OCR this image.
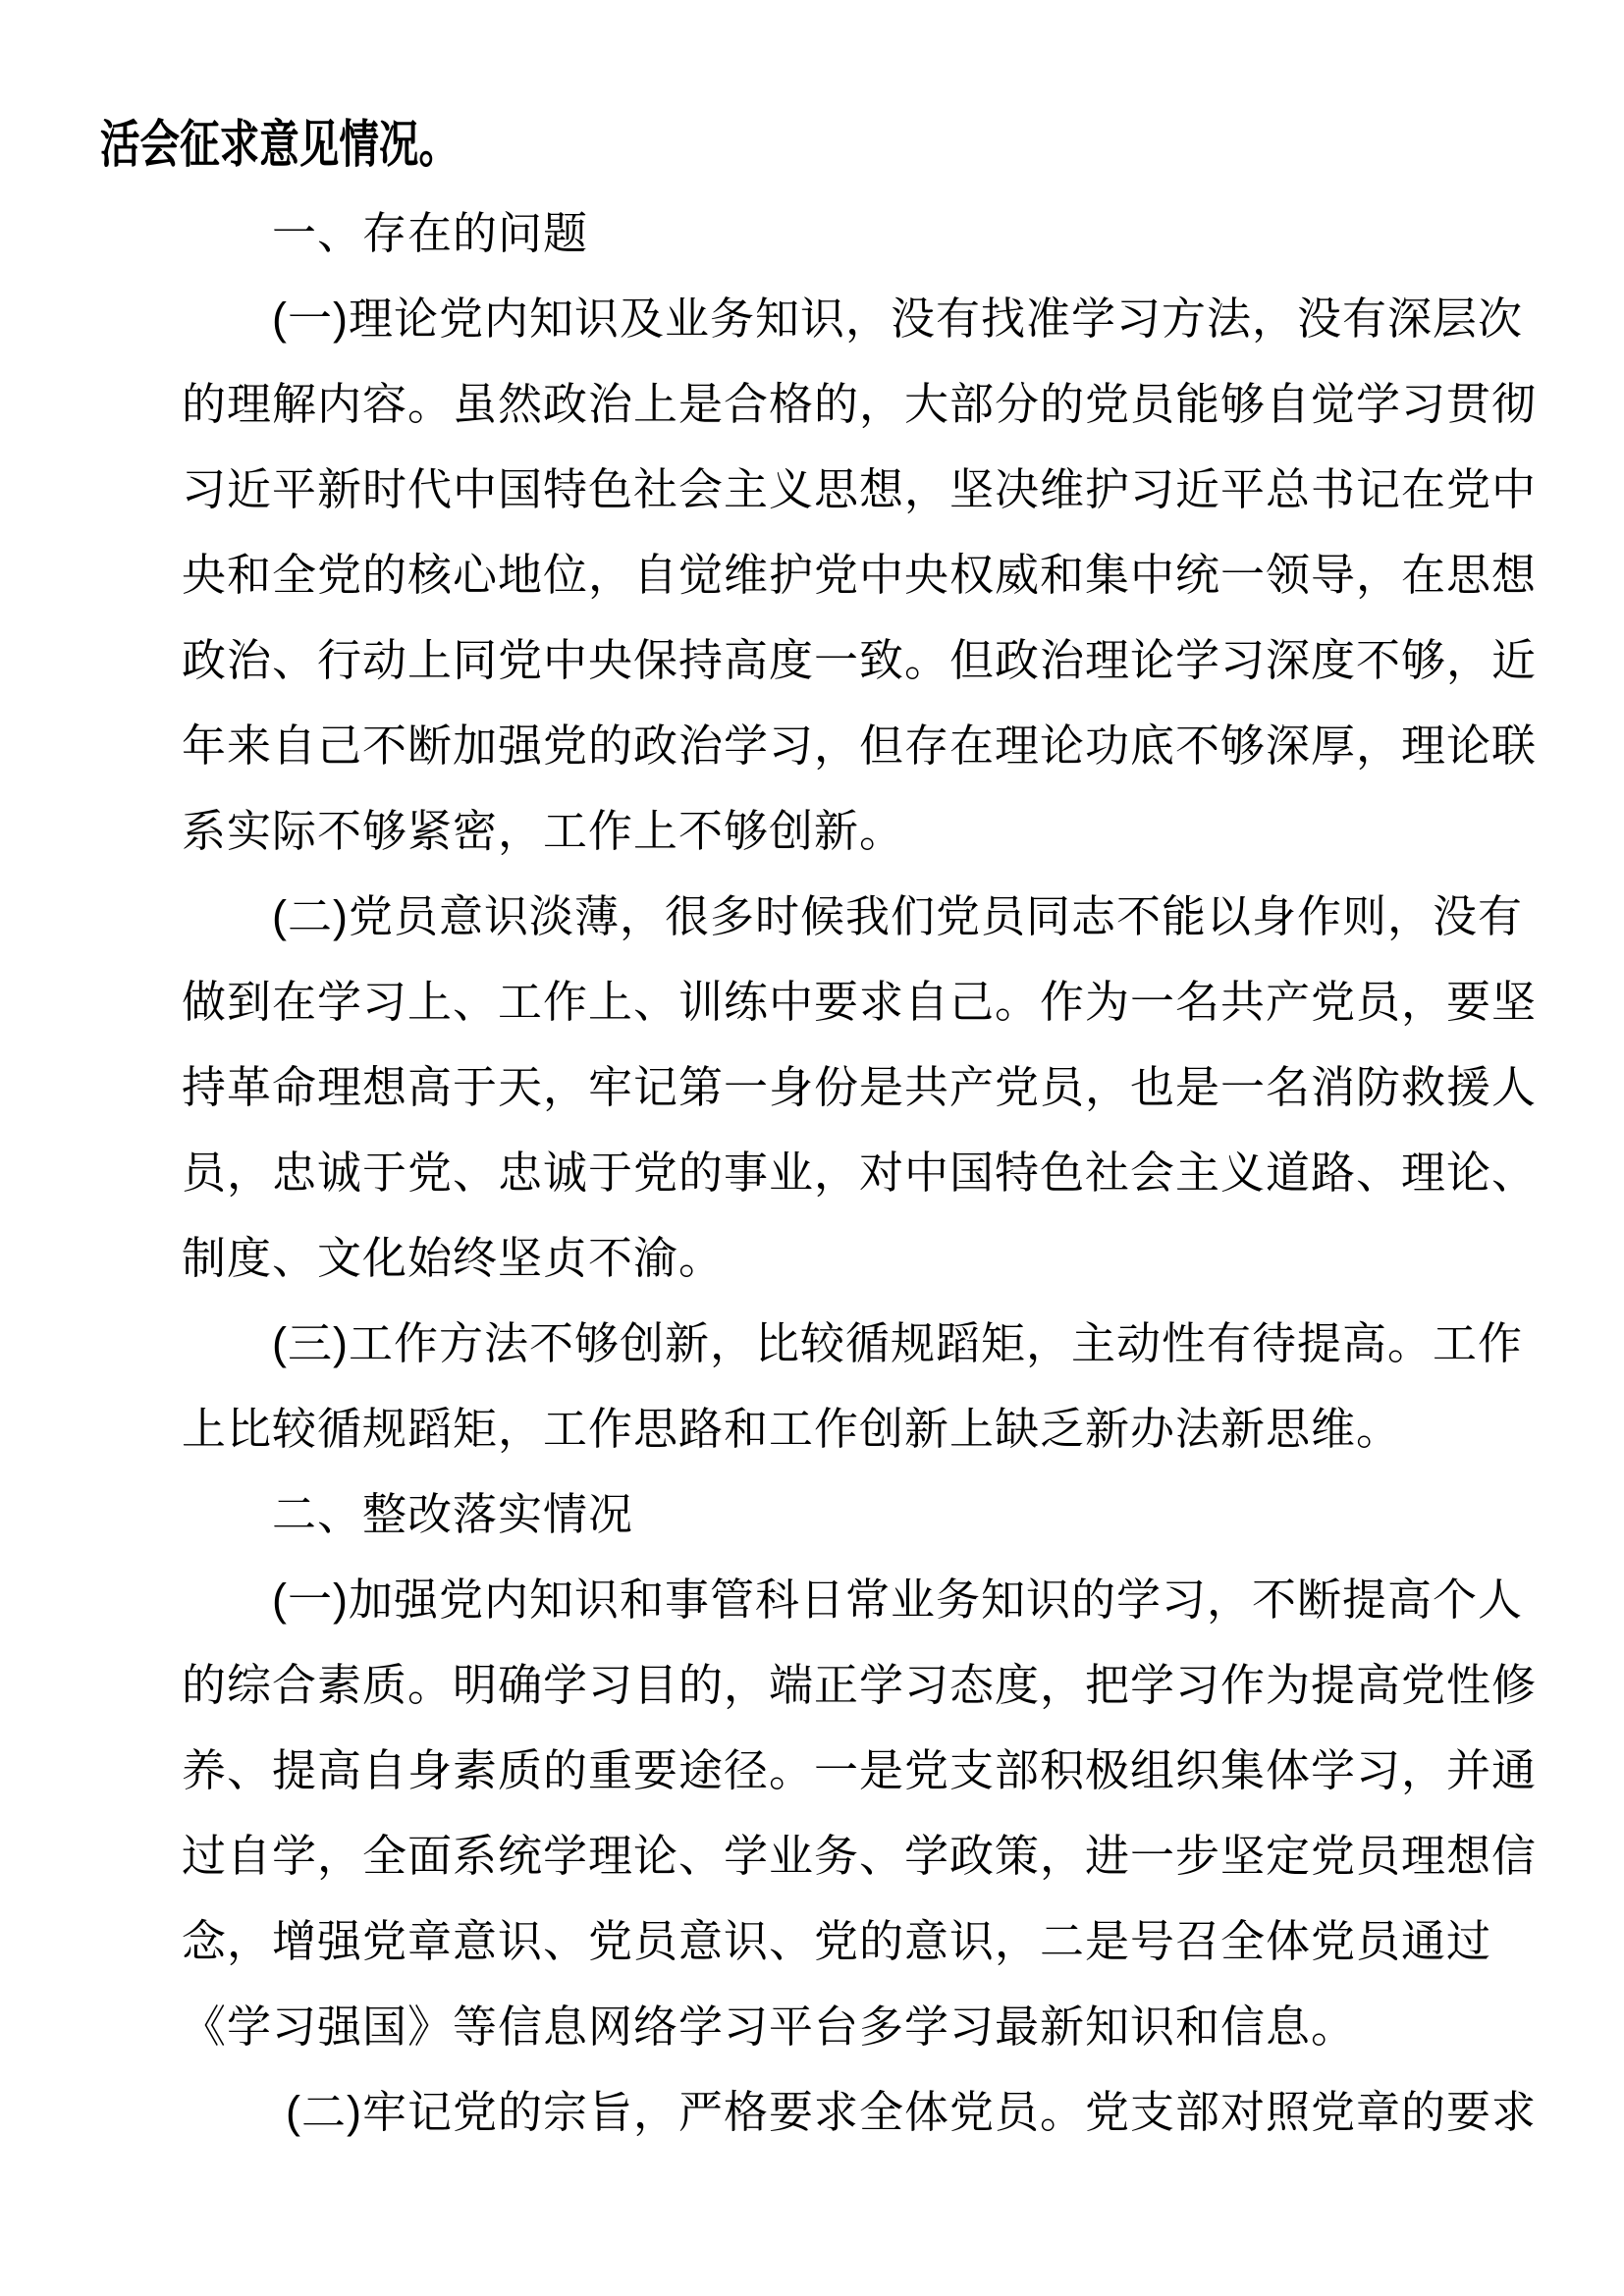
活会征求意见情况。
一、存在的问题
(一)理论党内知识及业务知识，没有找准学习方法，没有深层次
的理解内容。虽然政治上是合格的，大部分的党员能够自觉学习贯彻
习近平新时代中国特色社会主义思想，坚决维护习近平总书记在党中
央和全党的核心地位，自觉维护党中央权威和集中统一领导，在思想
政治、行动上同党中央保持高度一致。但政治理论学习深度不够，近
年来自己不断加强党的政治学习，但存在理论功底不够深厚，理论联
系实际不够紧密，工作上不够创新。
(二)党员意识淡薄，很多时候我们党员同志不能以身作则，没有
做到在学习上、工作上、训练中要求自己。作为一名共产党员，要坚
持革命理想高于天，牢记第一身份是共产党员，也是一名消防救援人
员，忠诚于党、忠诚于党的事业，对中国特色社会主义道路、理论、
制度、文化始终坚贞不渝。
(三)工作方法不够创新，比较循规蹈矩，主动性有待提高。工作
上比较循规蹈矩，工作思路和工作创新上缺乏新办法新思维。
二、整改落实情况
(一)加强党内知识和事管科日常业务知识的学习，不断提高个人
的综合素质。明确学习目的，端正学习态度，把学习作为提高党性修
养、提高自身素质的重要途径。一是党支部积极组织集体学习，并通
过自学，全面系统学理论、学业务、学政策，进一步坚定党员理想信
念，增强党章意识、党员意识、党的意识，二是号召全体党员通过
《学习强国》等信息网络学习平台多学习最新知识和信息。
(二)牢记党的宗旨，严格要求全体党员。党支部对照党章的要求
